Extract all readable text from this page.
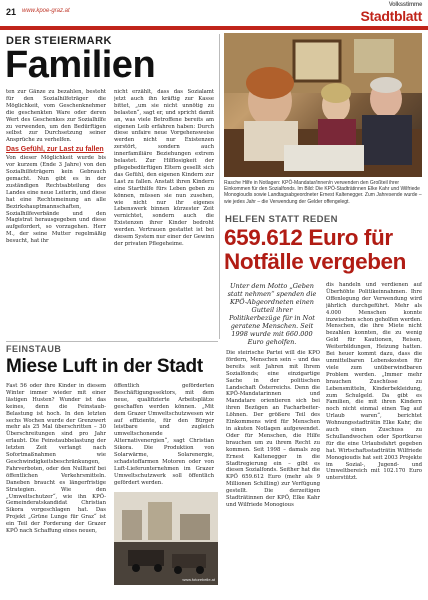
21 www.kpoe-graz.at
Volksstimme
Stadtblatt
DER STEIERMARK
Familien

ten zur Gänze zu bezahlen, besteht für den Sozialhilfeträger die Möglichkeit, vom Geschenknehmer die geschenkten Ware oder deren Wert des Geschenkes zur Sozialhilfe zu verwenden, um den Bedürftigen selbst zur Durchsetzung seiner Ansprüche zu verhelfen.

Das Gefühl, zur Last zu fallen

Von dieser Möglichkeit wurde bis vor kurzem (Ende 3 Jahre) von den Sozialhilfeträgern kein Gebrauch gemacht. Nun gibt es in der zuständigen Rechtsabteilung des Landes eine neue Leiterin, und diese hat eine Rechtsmeinung an alle Bezirkshauptmannschaften, Sozialhilfeverbände und den Magistrat herausgegeben und diese aufgefordert, so vorzugehen. Herr M., der seine Mutter regelmäßig besucht, hat ihr

nicht erzählt, dass das Sozialamt jetzt auch ihn kräftig zur Kasse bittet, „um sie nicht unnötig zu belasten“, sagt er, und spricht damit an, was viele Betroffene bereits am eigenen Leib erfahren haben: Durch diese unfaire neue Vorgehensweise werden nicht nur Existenzen zerstört, sondern auch innerfamiliäre Beziehungen extrem belastet. Zur Hilflosigkeit der pflegebedürftigen Eltern gesellt sich das Gefühl, den eigenen Kindern zur Last zu fallen. Anstatt ihren Kindern eine Starthilfe fürs Leben geben zu können, müssen sie nun zusehen, wie nicht nur ihr eigenes Lebenswerk binnen kürzester Zeit vernichtet, sondern auch die Existenzen ihrer Kinder bedroht werden. Vertrauen gestattet ist bei diesem System nur einer der Gewinn der privaten Pflegeheime.
Rasche Hilfe in Notlagen: KPÖ-Mandatar/innen/n verwenden den Großteil ihrer Einkommen für den Sozialfonds. Im Bild: Die KPÖ-Stadträtinnen Elke Kahr und Wilfriede Monogioudis sowie Landtagsabgeordneter Ernest Kaltenegger. Zum Jahresende wurde – wie jedes Jahr – die Verwendung der Gelder offengelegt.
HELFEN STATT REDEN
659.612 Euro für
Notfälle vergeben
Unter dem Motto „Geben statt nehmen“ spenden die KPÖ-Abgeordneten einen Gutteil ihrer Politikerbezüge für in Not geratene Menschen. Seit 1998 wurde mit 660.000 Euro geholfen.
Die steirische Partei will die KPÖ fördern, Menschen sein – und das bereits seit Jahren mit Ihrem Sozialfonds; eine einzigartige Sache in der politischen Landschaft Österreichs. Denn die KPÖ-Mandatarinnen und Mandatare orientieren sich bei ihren Bezügen an Facharbeiter-Löhnen. Der größere Teil des Einkommens wird für Menschen in akuten Notlagen aufgewendet. Oder für Menschen, die Hilfe brauchen um zu ihrem Recht zu kommen. Seit 1998 – damals zog Ernest Kaltenegger in die Stadtregierung ein – gibt es diesen Sozialfonds. Seither hat die KPÖ 659.612 Euro (mehr als 9 Millionen Schilling) zur Verfügung gestellt. Die derzeitigen Stadträtinnen der KPÖ, Elke Kahr und Wilfriede Monogious
dis handeln und verdienen auf Überhöhte Politikeinnahmen. Ihre Offenlegung der Verwendung wird jährlich durchgeführt. Mehr als 4.000 Menschen konnte inzwischen schon geholfen werden. Menschen, die ihre Miete nicht bezahlen konnten, die zu wenig Geld für Kautionen, Reisen, Weiterbildungen, Heizung hatten. Bei heuer kommt dazu, dass die unmittelbaren Lebenskosten für viele zum unüberwindbaren Problem werden. „Immer mehr brauchen Zuschüsse zu Lebensmitteln, Kinderbekleidung, zum Schulgeld. Da gibt es Familien, die mit ihren Kindern noch nicht einmal einen Tag auf Urlaub waren“, berichtet Wohnungsstadträtin Elke Kahr, die auch einen Zuschuss zu Schullandwochen oder Sportkurse für die eine Urlaubsfahrt gegeben hat. Wirtschaftsstadträtin Wilfriede Monogioudis hat seit 2003 Projekte im Sozial-, Jugend- und Umweltbereich mit 102.170 Euro unterstützt.
FEINSTAUB
Miese Luft in der Stadt
Fast 56 oder ihre Kinder in diesem Winter immer wieder mit einer lästigen Husten? Wunder ist das keines, denn die Feinstaub-Belastung ist hoch. In den letzten sechs Wochen wurde der Grenzwert mehr als 25 Mal überschritten – 30 Überschreitungen sind pro Jahr erlaubt. Die Feinstaubbelastung der letzten Zeit verlangt nach Sofortmaßnahmen wie Geschwindigkeitsbeschränkungen, Fahrverboten, oder den Nulltarif bei öffentlichen Verkehrsmitteln. Daneben braucht es längerfristige Strategien. Wie den „Umweltschutzer“, wie ihn KPÖ-Gemeinderatskandidat Christian Sikora vorgeschlagen hat. Das Projekt „Grüne Lunge für Graz“ ist ein Teil der Forderung der Grazer KPÖ nach Schaffung eines neuen,
öffentlich geförderten Beschäftigungssektors, mit dem neue, qualifizierte Arbeitsplätze geschaffen werden können. „Mit dem Grazer Umweltschutzwesen wir auf effiziente, für den Bürger leistbare und zugleich umweltschonende Alternativenergien“, sagt Christian Sikora. Die Produktion von Solarwärme, Solarenergie, schadstoffarmen Motoren oder von Luft-Lieferunternehmen im Grazer Umweltschutzwerk soll öffentlich gefördert werden.
www.fotorebelle.at
